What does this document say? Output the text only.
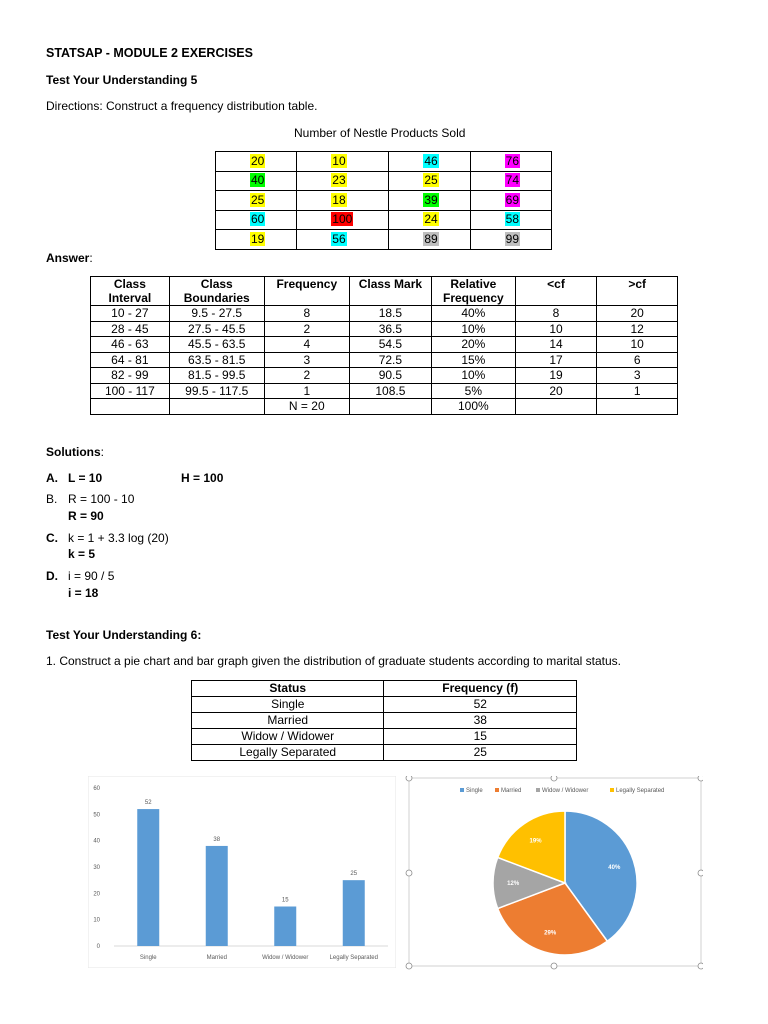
STATSAP - MODULE 2 EXERCISES
Test Your Understanding 5
Directions: Construct a frequency distribution table.
Number of Nestle Products Sold
20	10	46	76
40	23	25	74
25	18	39	69
60	100	24	58
19	56	89	99
Answer:
Class Interval	Class Boundaries	Frequency	Class Mark	Relative Frequency	<cf	>cf
10 - 27	9.5 - 27.5	8	18.5	40%	8	20
28 - 45	27.5 - 45.5	2	36.5	10%	10	12
46 - 63	45.5 - 63.5	4	54.5	20%	14	10
64 - 81	63.5 - 81.5	3	72.5	15%	17	6
82 - 99	81.5 - 99.5	2	90.5	10%	19	3
100 - 117	99.5 - 117.5	1	108.5	5%	20	1
		N = 20		100%		
Solutions:
A. L = 10	H = 100
B. R = 100 - 10
R = 90
C. k = 1 + 3.3 log (20)
k = 5
D. i = 90 / 5
i = 18
Test Your Understanding 6:
1. Construct a pie chart and bar graph given the distribution of graduate students according to marital status.
Status	Frequency (f)
Single	52
Married	38
Widow / Widower	15
Legally Separated	25
0
10
20
30
40
50
60
52
Single
38
Married
15
Widow / Widower
25
Legally Separated
Single	Married	Widow / Widower	Legally Separated
40%
29%
12%
19%
